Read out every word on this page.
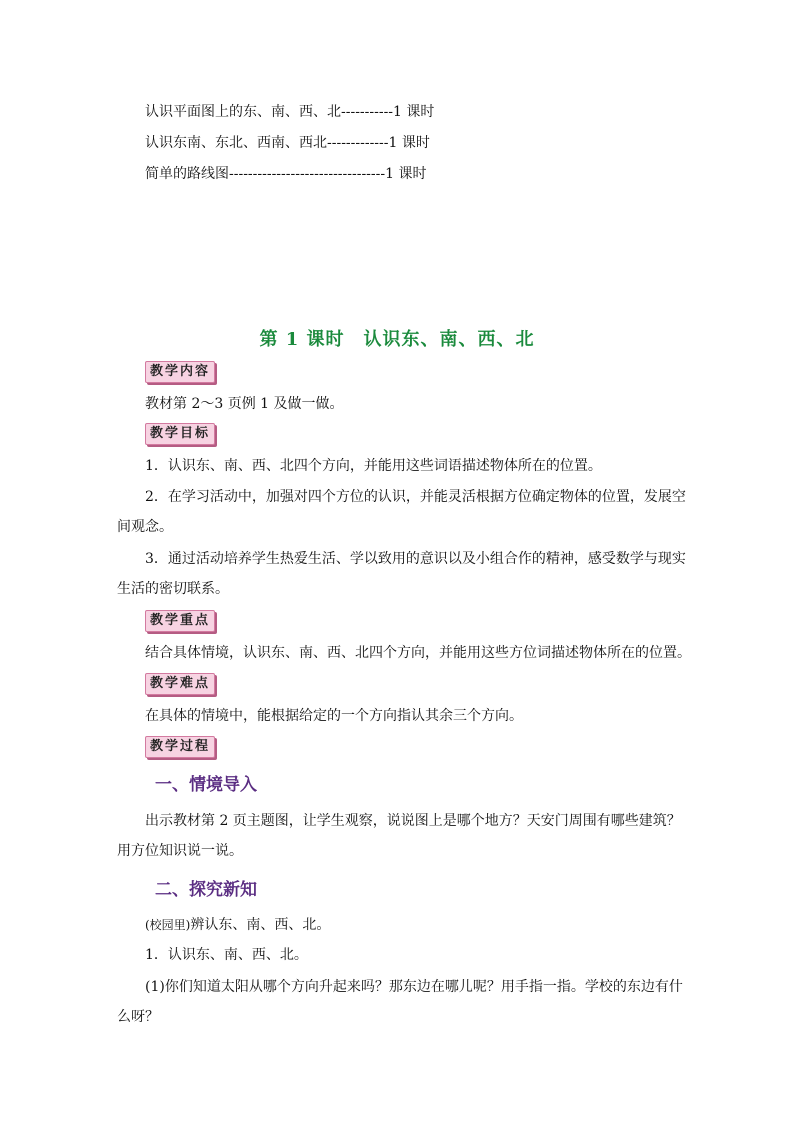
认识平面图上的东、南、西、北-----------1 课时
认识东南、东北、西南、西北-------------1 课时
简单的路线图---------------------------------1 课时
第 1 课时　认识东、南、西、北
教学内容
教材第 2～3 页例 1 及做一做。
教学目标
1．认识东、南、西、北四个方向，并能用这些词语描述物体所在的位置。
2．在学习活动中，加强对四个方位的认识，并能灵活根据方位确定物体的位置，发展空间观念。
3．通过活动培养学生热爱生活、学以致用的意识以及小组合作的精神，感受数学与现实生活的密切联系。
教学重点
结合具体情境，认识东、南、西、北四个方向，并能用这些方位词描述物体所在的位置。
教学难点
在具体的情境中，能根据给定的一个方向指认其余三个方向。
教学过程
一、情境导入
出示教材第 2 页主题图，让学生观察，说说图上是哪个地方？天安门周围有哪些建筑？用方位知识说一说。
二、探究新知
(校园里)辨认东、南、西、北。
1．认识东、南、西、北。
(1)你们知道太阳从哪个方向升起来吗？那东边在哪儿呢？用手指一指。学校的东边有什么呀？
